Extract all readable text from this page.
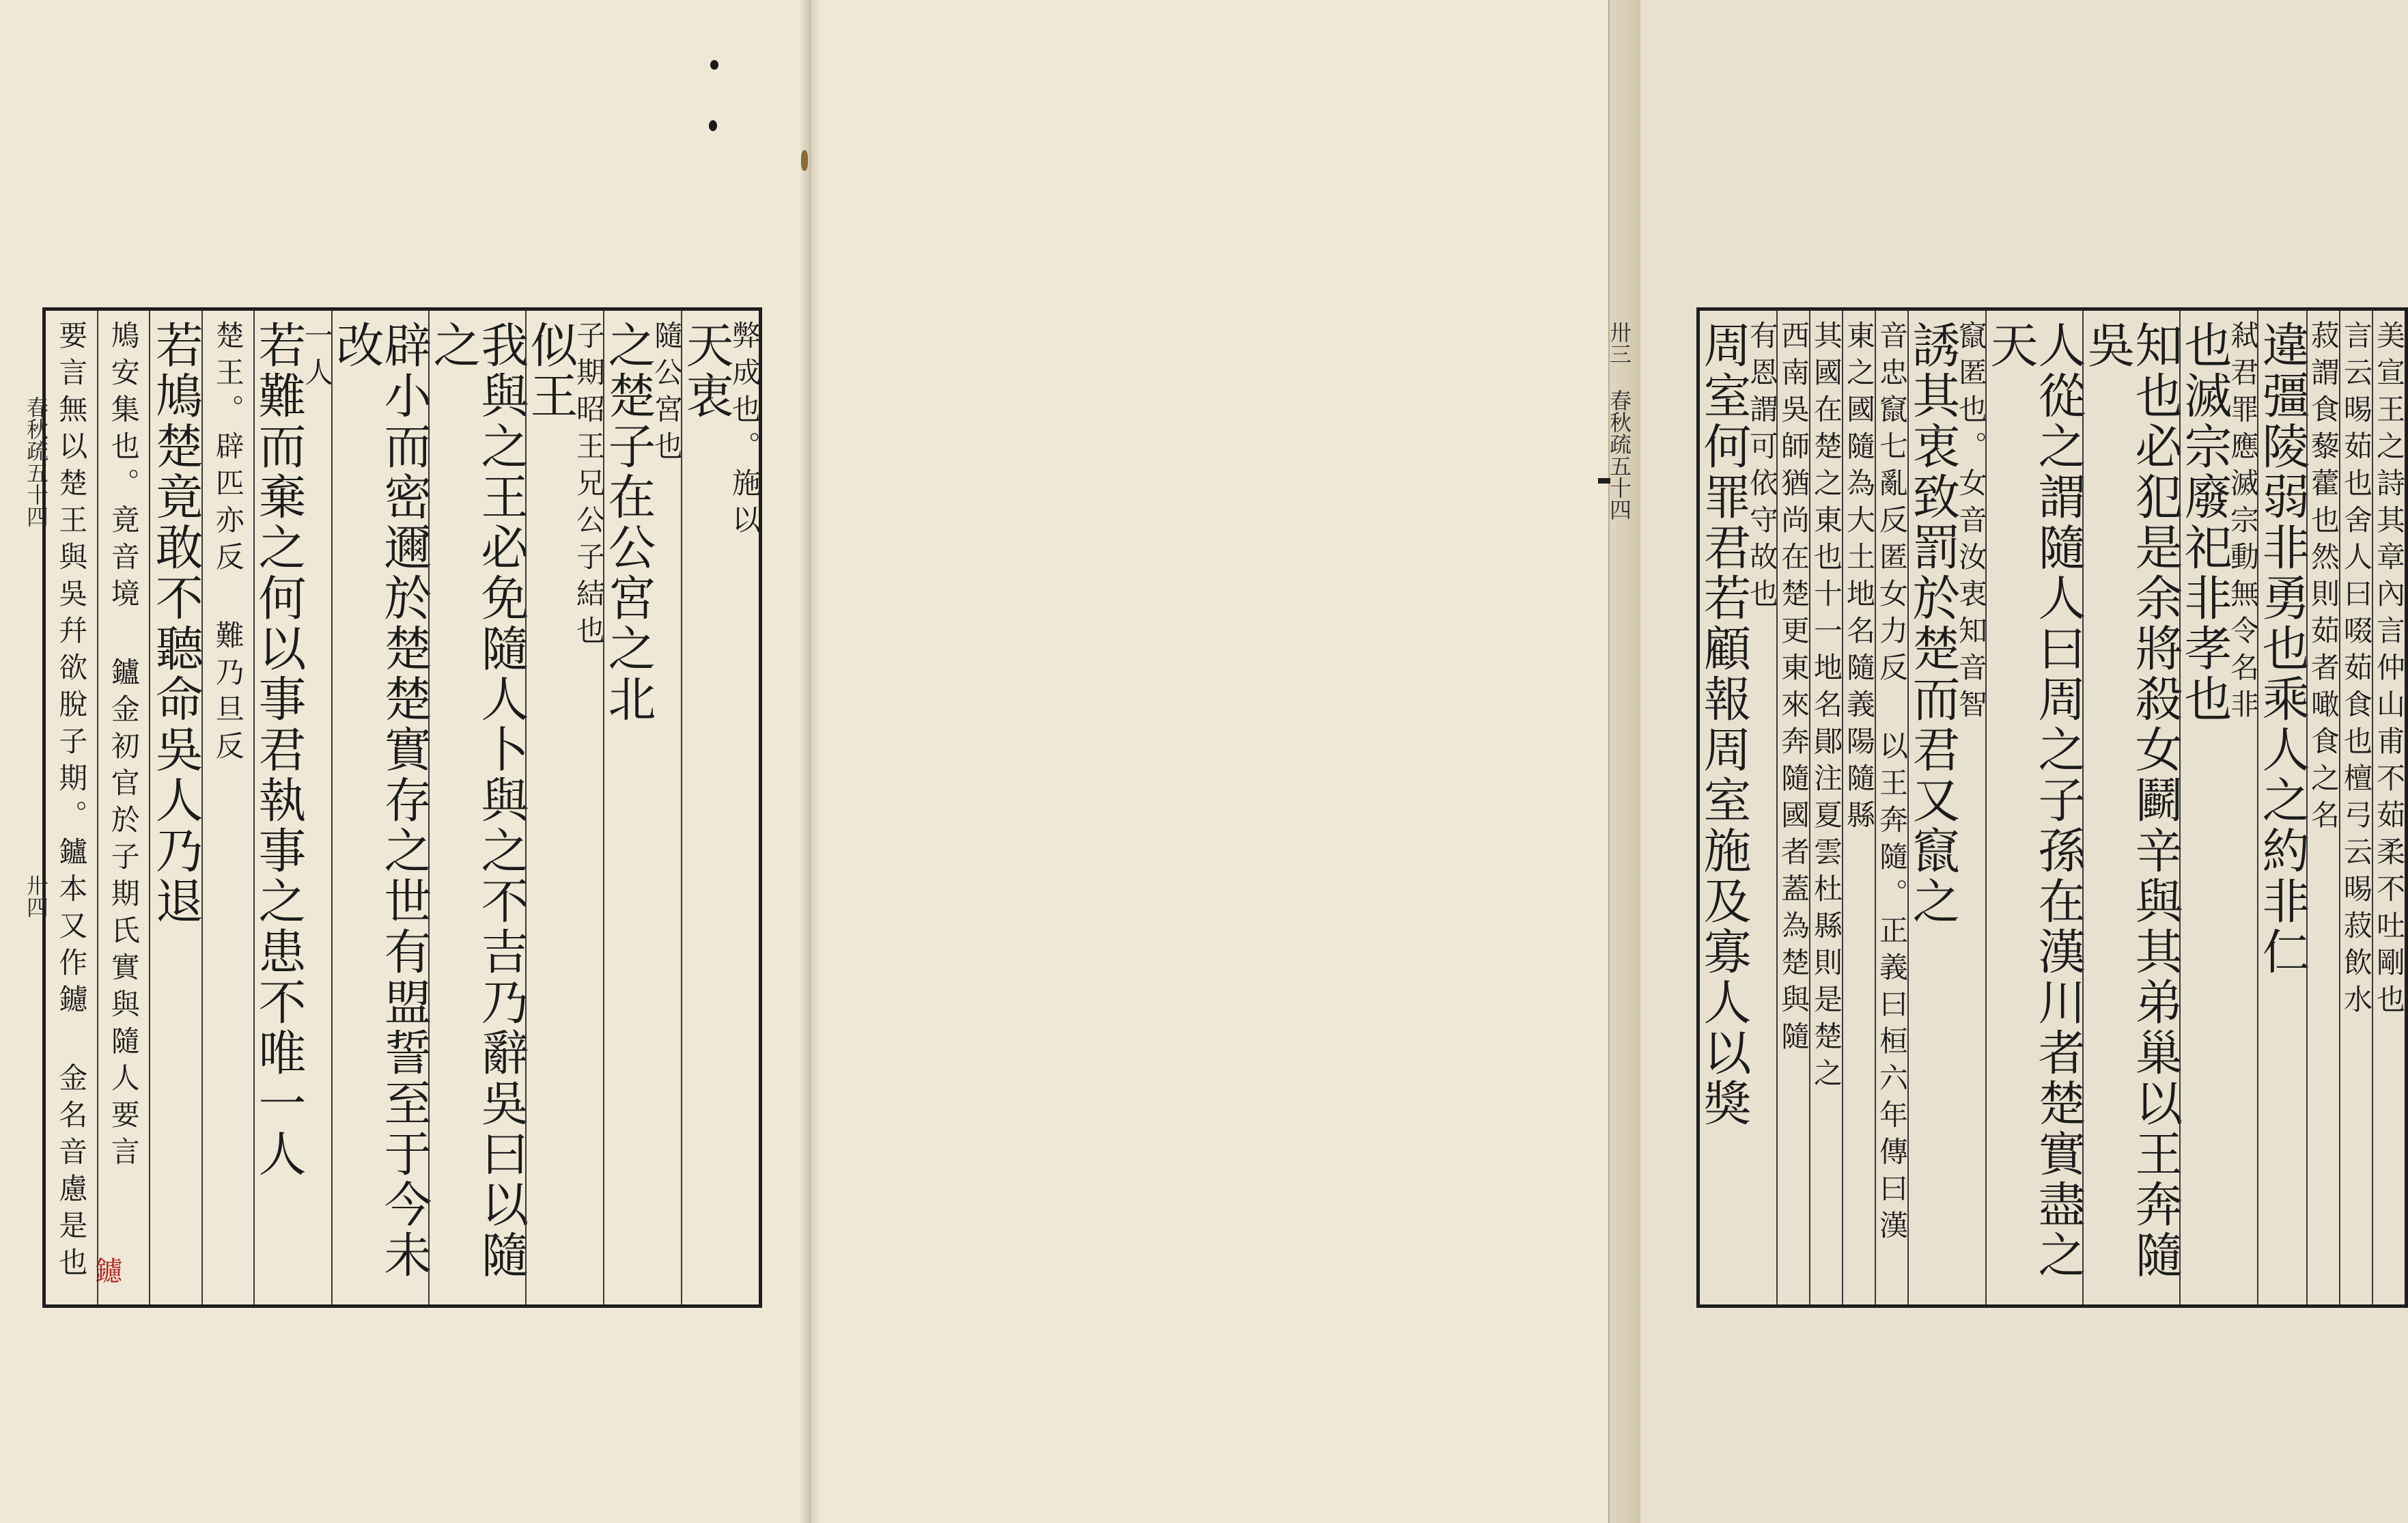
春秋疏五十四
卅四
鑢
天衷
弊成也。施以
之楚子在公宮之北
隨公宮也
似王
子期昭王兄公子結也
我與之王必免隨人卜與之不吉乃辭吳曰以隨之
辟小而密邇於楚楚實存之世有盟誓至于今未改
若難而棄之何以事君執事之患不唯一人
一人
楚王。辟匹亦反 難乃旦反
若鳩楚竟敢不聽命吳人乃退
鳩安集也。竟音境 鑪金初官於子期氏實與隨人要言
要言無以楚王與吳幷欲脫子期。鑪本又作鑢 金名音慮是也	美宣王之詩其章內言仲山甫不茹柔不吐剛也
言云晹茹也舍人曰啜茹食也檀弓云晹菽飲水
菽謂食藜藿也然則茹者噉食之名
違彊陵弱非勇也乘人之約非仁
也滅宗廢祀非孝也
弒君罪應滅宗動無令名非
知也必犯是余將殺女鬬辛與其弟巢以王奔隨吳
人從之謂隨人曰周之子孫在漢川者楚實盡之天
誘其衷致罰於楚而君又竄之
竄匿也。女音汝衷知音智
音忠竄七亂反匿女力反 以王奔隨。正義曰桓六年傳曰漢
東之國隨為大土地名隨義陽隨縣
其國在楚之東也十一地名鄖注夏雲杜縣則是楚之
西南吳師猶尚在楚更東來奔隨國者蓋為楚與隨
周室何罪君若顧報周室施及寡人以獎
有恩謂可依守故也
卅三
春秋疏五十四
